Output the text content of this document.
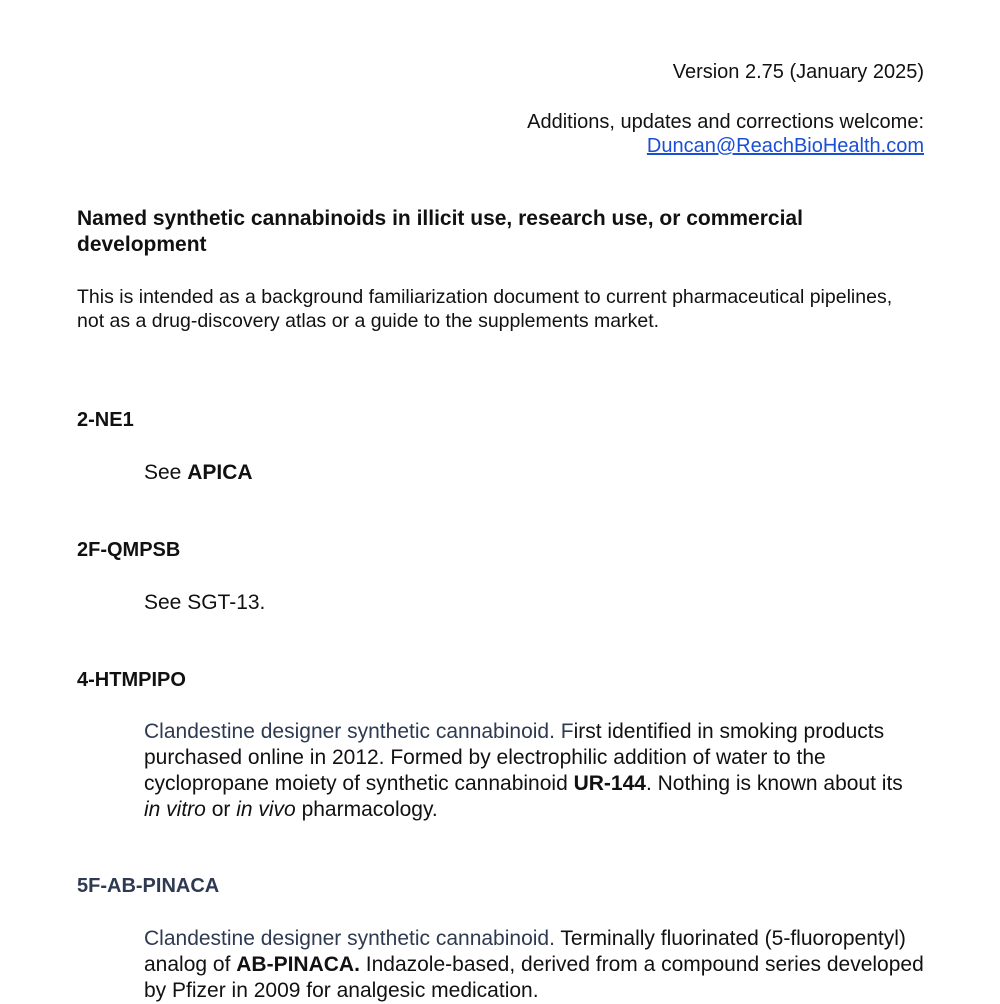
Version 2.75 (January 2025)
Additions, updates and corrections welcome:
Duncan@ReachBioHealth.com
Named synthetic cannabinoids in illicit use, research use, or commercial development

This is intended as a background familiarization document to current pharmaceutical pipelines, not as a drug-discovery atlas or a guide to the supplements market.

2-NE1

See APICA

2F-QMPSB

See SGT-13.

4-HTMPIPO

Clandestine designer synthetic cannabinoid. First identified in smoking products purchased online in 2012. Formed by electrophilic addition of water to the cyclopropane moiety of synthetic cannabinoid UR-144. Nothing is known about its in vitro or in vivo pharmacology.

5F-AB-PINACA

Clandestine designer synthetic cannabinoid. Terminally fluorinated (5-fluoropentyl) analog of AB-PINACA. Indazole-based, derived from a compound series developed by Pfizer in 2009 for analgesic medication.
